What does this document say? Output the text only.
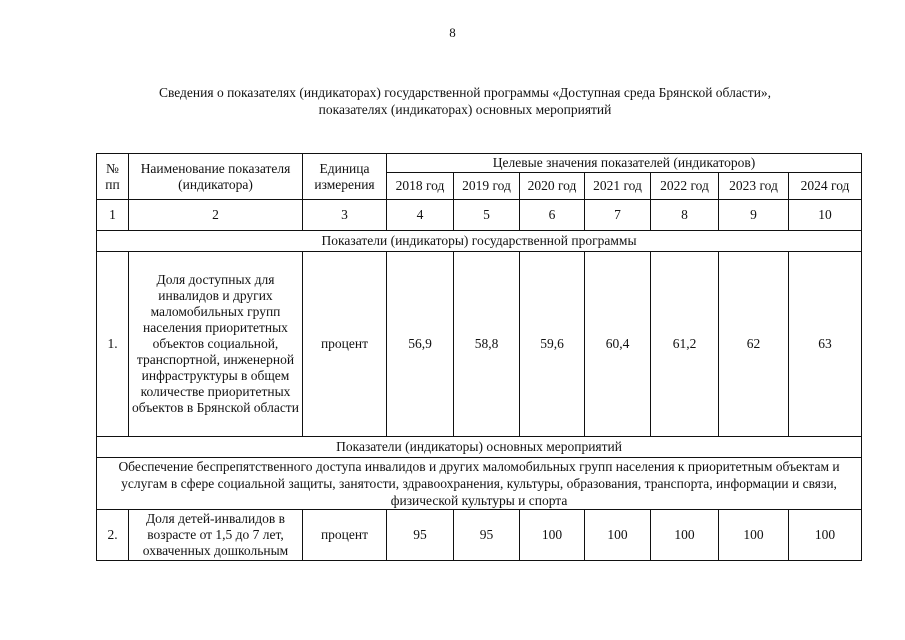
8
Сведения о показателях (индикаторах) государственной программы «Доступная среда Брянской области»,
показателях (индикаторах) основных мероприятий
№ пп	Наименование показателя (индикатора)	Единица измерения	Целевые значения показателей (индикаторов)						
			2018 год	2019 год	2020 год	2021 год	2022 год	2023 год	2024 год
1	2	3	4	5	6	7	8	9	10
Показатели (индикаторы) государственной программы									
1.	Доля доступных для инвалидов и других маломобильных групп населения приоритетных объектов социальной, транспортной, инженерной инфраструктуры в общем количестве приоритетных объектов в Брянской области	процент	56,9	58,8	59,6	60,4	61,2	62	63
Показатели (индикаторы) основных мероприятий									
Обеспечение беспрепятственного доступа инвалидов и других маломобильных групп населения к приоритетным объектам и услугам в сфере социальной защиты, занятости, здравоохранения, культуры, образования, транспорта, информации и связи, физической культуры и спорта									
2.	Доля детей-инвалидов в возрасте от 1,5 до 7 лет, охваченных дошкольным	процент	95	95	100	100	100	100	100
